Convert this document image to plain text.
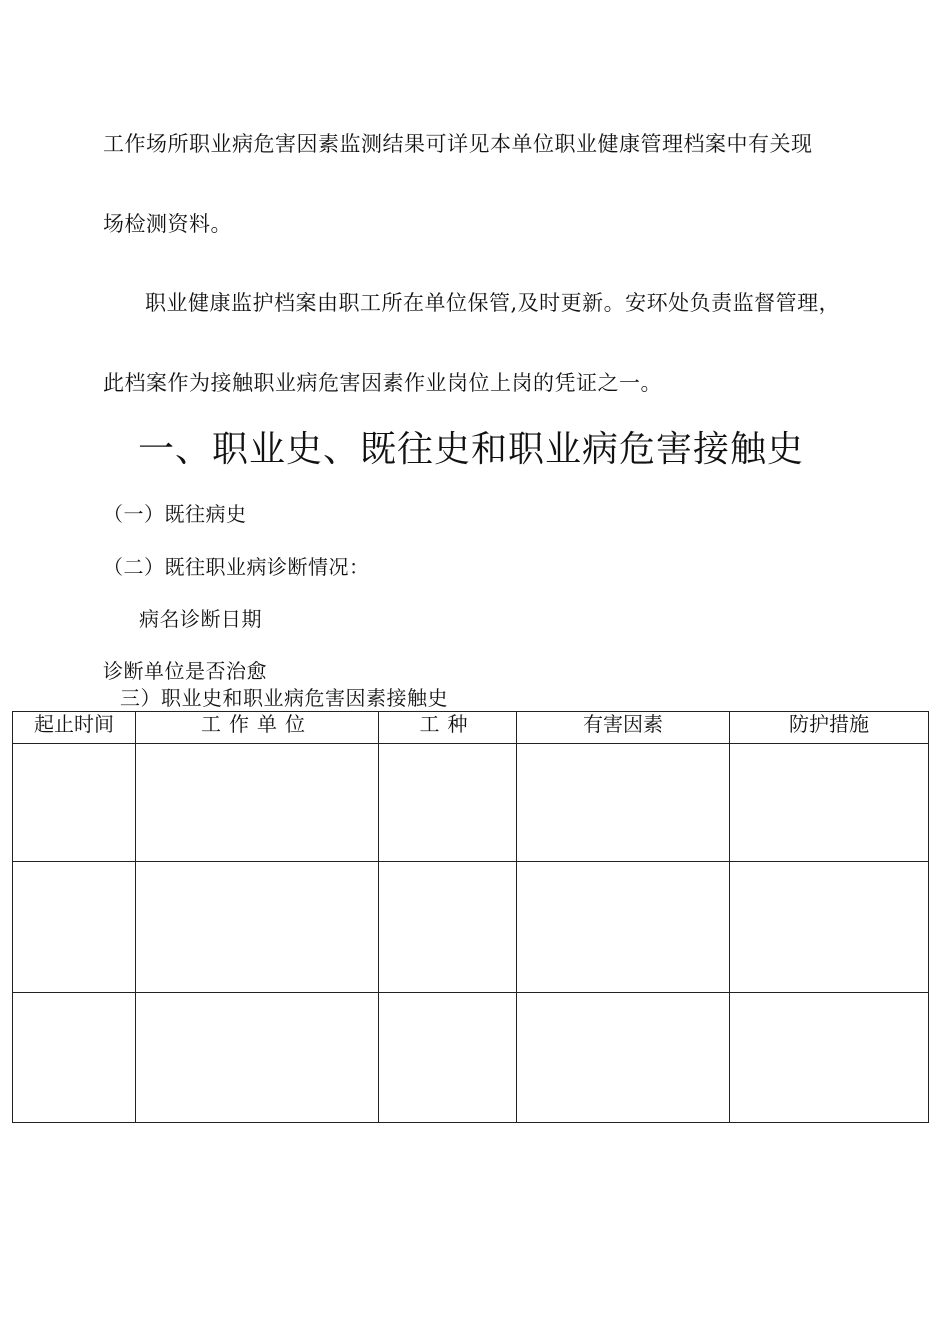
工作场所职业病危害因素监测结果可详见本单位职业健康管理档案中有关现
场检测资料。
职业健康监护档案由职工所在单位保管,及时更新。安环处负责监督管理，
此档案作为接触职业病危害因素作业岗位上岗的凭证之一。
一、职业史、既往史和职业病危害接触史
（一）既往病史
（二）既往职业病诊断情况：
病名诊断日期
诊断单位是否治愈
三）职业史和职业病危害因素接触史
起止时间	工作单位	工种	有害因素	防护措施
